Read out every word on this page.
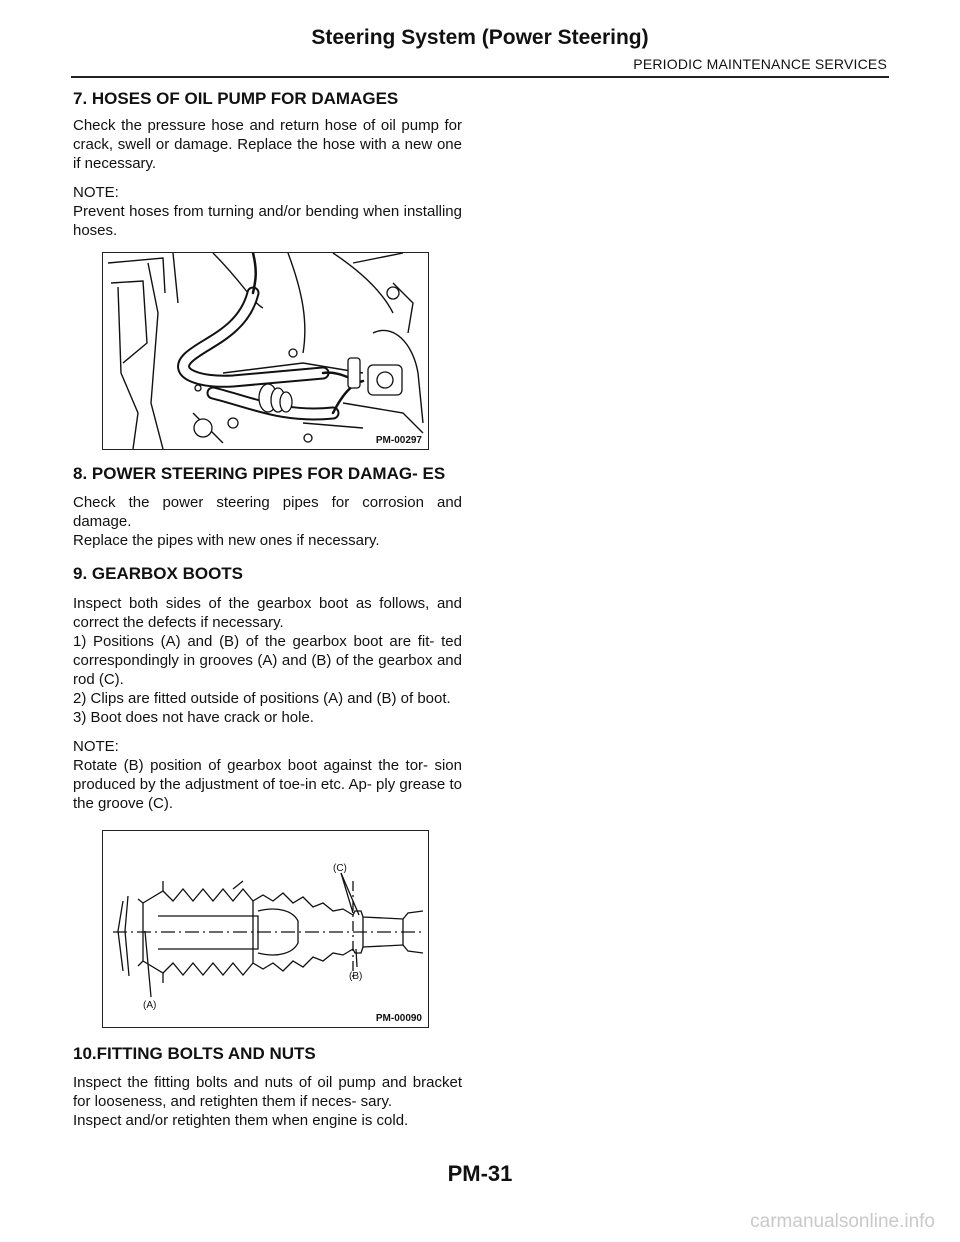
Steering System (Power Steering)
PERIODIC MAINTENANCE SERVICES
7. HOSES OF OIL PUMP FOR DAMAGES

Check the pressure hose and return hose of oil pump for crack, swell or damage. Replace the hose with a new one if necessary.

NOTE:

Prevent hoses from turning and/or bending when installing hoses.

PM-00297
8. POWER STEERING PIPES FOR DAMAG- ES

Check the power steering pipes for corrosion and damage.

Replace the pipes with new ones if necessary.

9. GEARBOX BOOTS

Inspect both sides of the gearbox boot as follows, and correct the defects if necessary.

1) Positions (A) and (B) of the gearbox boot are fit- ted correspondingly in grooves (A) and (B) of the gearbox and rod (C).

2) Clips are fitted outside of positions (A) and (B) of boot.

3) Boot does not have crack or hole.

NOTE:

Rotate (B) position of gearbox boot against the tor- sion produced by the adjustment of toe-in etc. Ap- ply grease to the groove (C).

(C)
(B)
(A)
PM-00090
10.FITTING BOLTS AND NUTS

Inspect the fitting bolts and nuts of oil pump and bracket for looseness, and retighten them if neces- sary.

Inspect and/or retighten them when engine is cold.

PM-31
carmanualsonline.info
